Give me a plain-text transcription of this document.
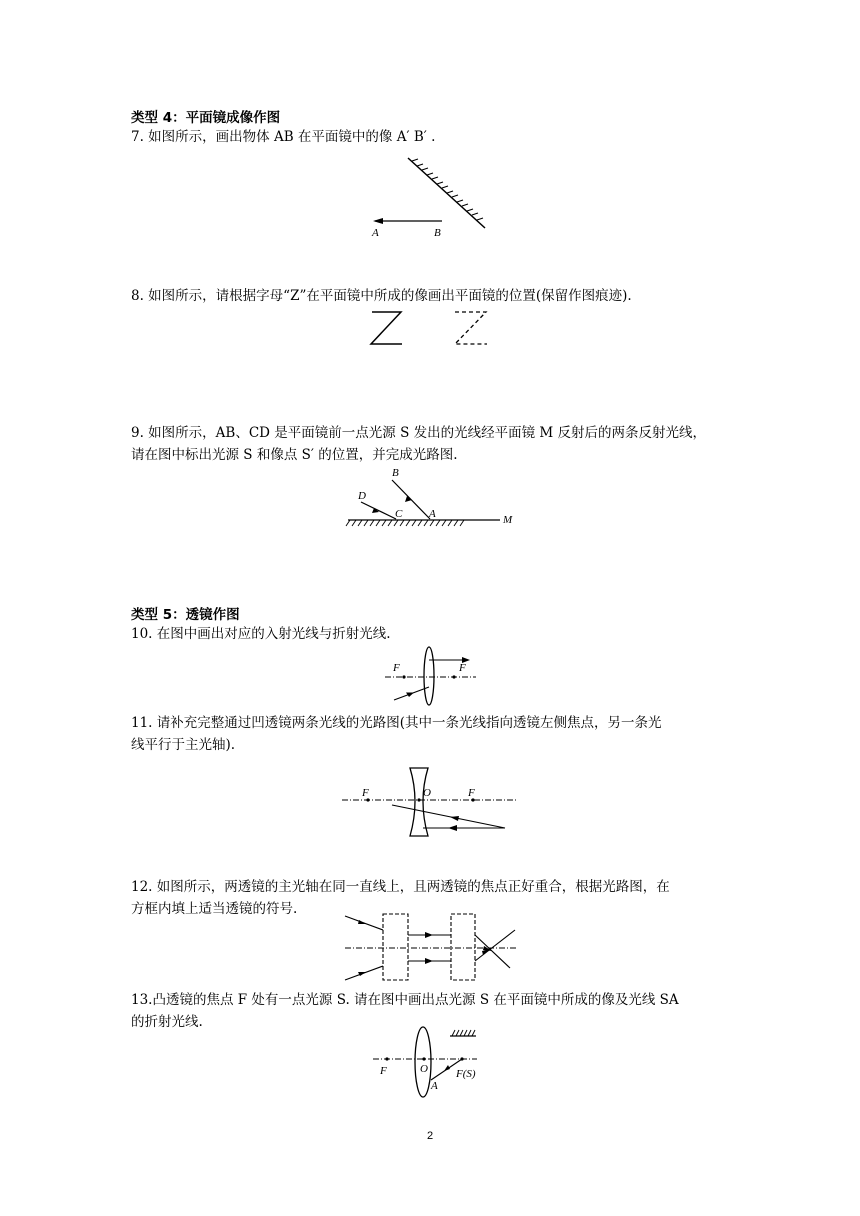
类型 4：平面镜成像作图
7. 如图所示，画出物体 AB 在平面镜中的像 A′ B′ .
A	B
8. 如图所示，请根据字母“Z”在平面镜中所成的像画出平面镜的位置(保留作图痕迹).
9. 如图所示，AB、CD 是平面镜前一点光源 S 发出的光线经平面镜 M 反射后的两条反射光线，
请在图中标出光源 S 和像点 S′ 的位置，并完成光路图.
B
D
C A	M
类型 5：透镜作图
10. 在图中画出对应的入射光线与折射光线.
F	F
11. 请补充完整通过凹透镜两条光线的光路图(其中一条光线指向透镜左侧焦点，另一条光
线平行于主光轴).
F	O	F
12. 如图所示，两透镜的主光轴在同一直线上，且两透镜的焦点正好重合，根据光路图，在
方框内填上适当透镜的符号.
13.凸透镜的焦点 F 处有一点光源 S. 请在图中画出点光源 S 在平面镜中所成的像及光线 SA
的折射光线.
F	O
A
F(S)
2
